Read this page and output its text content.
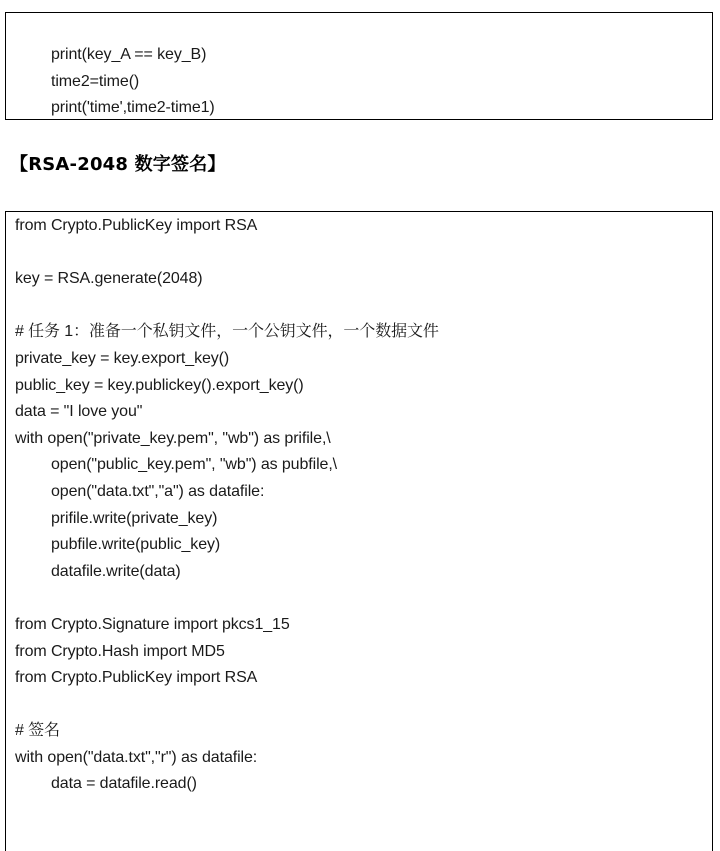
print(key_A == key_B)
time2=time()
print('time',time2-time1)
【RSA-2048 数字签名】
from Crypto.PublicKey import RSA
key = RSA.generate(2048)
# 任务 1：准备一个私钥文件，一个公钥文件，一个数据文件
private_key = key.export_key()
public_key = key.publickey().export_key()
data = "I love you"
with open("private_key.pem", "wb") as prifile,\
open("public_key.pem", "wb") as pubfile,\
open("data.txt","a") as datafile:
prifile.write(private_key)
pubfile.write(public_key)
datafile.write(data)
from Crypto.Signature import pkcs1_15
from Crypto.Hash import MD5
from Crypto.PublicKey import RSA
# 签名
with open("data.txt","r") as datafile:
data = datafile.read()
